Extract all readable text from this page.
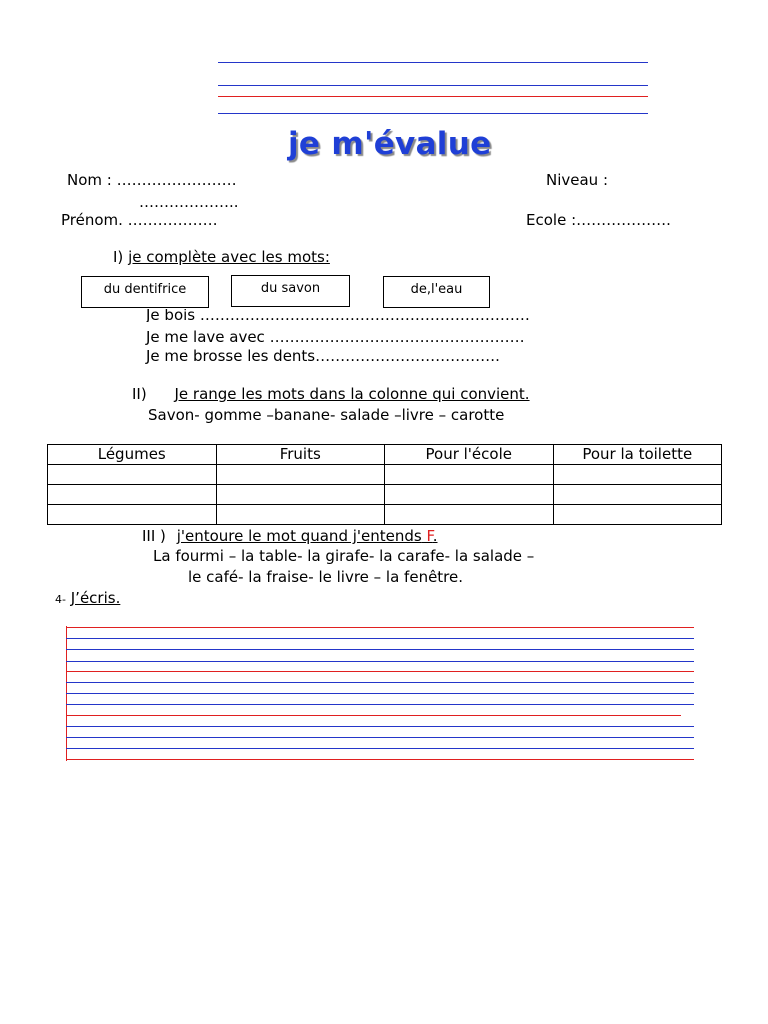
je m'évalue
Nom : ……………………
………………..
Niveau :
Prénom. ………………	Ecole :……………….
I) je complète avec les mots:
du dentifrice	du savon	de,l'eau
Je bois …………………………………………………………
Je me lave avec ……………………………………………
Je me brosse les dents……………………………….
II) Je range les mots dans la colonne qui convient.
Savon- gomme –banane- salade –livre – carotte
Légumes	Fruits	Pour l'école	Pour la toilette

III ) j'entoure le mot quand j'entends F.
La fourmi – la table- la girafe- la carafe- la salade –
le café- la fraise- le livre – la fenêtre.
4- J’écris.
